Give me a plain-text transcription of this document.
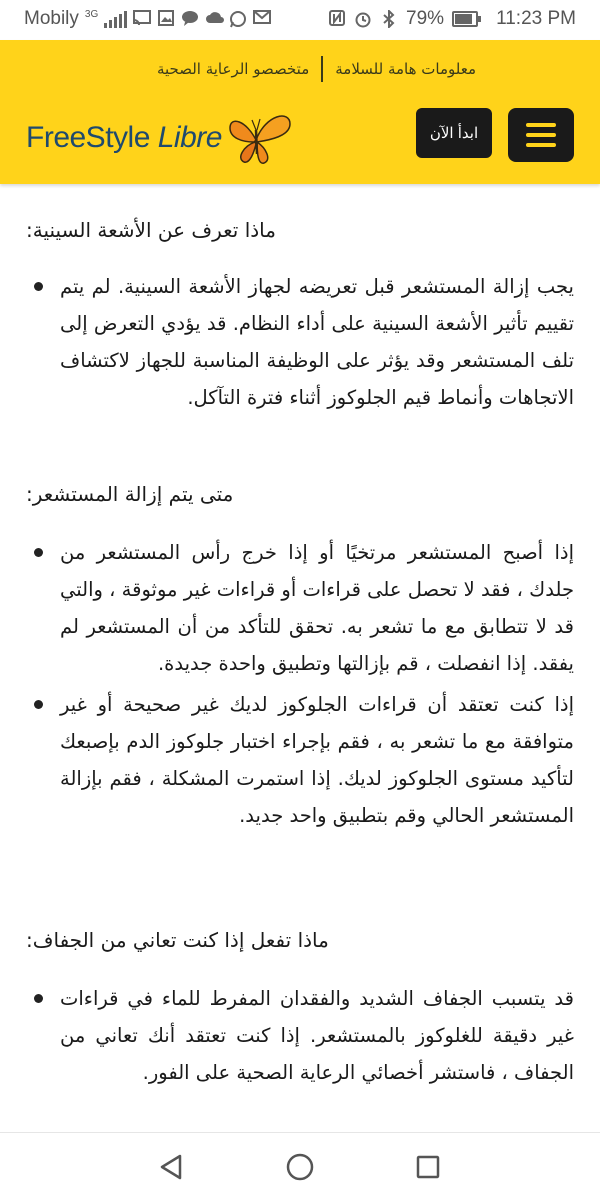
Mobily 3G	79%	11:23 PM
معلومات هامة للسلامة
متخصصو الرعاية الصحية
FreeStyle Libre	ابدأ الآن
ماذا تعرف عن الأشعة السينية:
يجب إزالة المستشعر قبل تعريضه لجهاز الأشعة السينية. لم يتم تقييم تأثير الأشعة السينية على أداء النظام. قد يؤدي التعرض إلى تلف المستشعر وقد يؤثر على الوظيفة المناسبة للجهاز لاكتشاف الاتجاهات وأنماط قيم الجلوكوز أثناء فترة التآكل.
متى يتم إزالة المستشعر:
إذا أصبح المستشعر مرتخيًا أو إذا خرج رأس المستشعر من جلدك ، فقد لا تحصل على قراءات أو قراءات غير موثوقة ، والتي قد لا تتطابق مع ما تشعر به. تحقق للتأكد من أن المستشعر لم يفقد. إذا انفصلت ، قم بإزالتها وتطبيق واحدة جديدة.
إذا كنت تعتقد أن قراءات الجلوكوز لديك غير صحيحة أو غير متوافقة مع ما تشعر به ، فقم بإجراء اختبار جلوكوز الدم بإصبعك لتأكيد مستوى الجلوكوز لديك. إذا استمرت المشكلة ، فقم بإزالة المستشعر الحالي وقم بتطبيق واحد جديد.
ماذا تفعل إذا كنت تعاني من الجفاف:
قد يتسبب الجفاف الشديد والفقدان المفرط للماء في قراءات غير دقيقة للغلوكوز بالمستشعر. إذا كنت تعتقد أنك تعاني من الجفاف ، فاستشر أخصائي الرعاية الصحية على الفور.
